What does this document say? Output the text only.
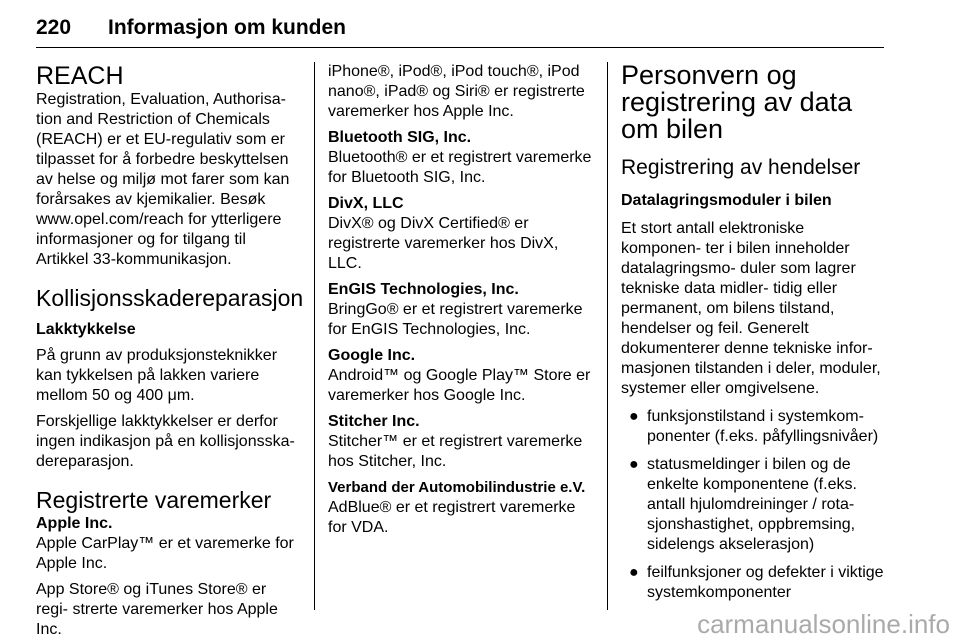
220 Informasjon om kunden
REACH

Registration, Evaluation, Authorisa- tion and Restriction of Chemicals (REACH) er et EU-regulativ som er tilpasset for å forbedre beskyttelsen av helse og miljø mot farer som kan forårsakes av kjemikalier. Besøk www.opel.com/reach for ytterligere informasjoner og for tilgang til Artikkel 33-kommunikasjon.

Kollisjonsskadereparasjon
Lakktykkelse

På grunn av produksjonsteknikker kan tykkelsen på lakken variere mellom 50 og 400 μm.

Forskjellige lakktykkelser er derfor ingen indikasjon på en kollisjonsska- dereparasjon.

Registrerte varemerker
Apple Inc.

Apple CarPlay™ er et varemerke for Apple Inc.

App Store® og iTunes Store® er regi- strerte varemerker hos Apple Inc.

iPhone®, iPod®, iPod touch®, iPod nano®, iPad® og Siri® er registrerte varemerker hos Apple Inc.

Bluetooth SIG, Inc.

Bluetooth® er et registrert varemerke for Bluetooth SIG, Inc.

DivX, LLC

DivX® og DivX Certified® er registrerte varemerker hos DivX, LLC.

EnGIS Technologies, Inc.

BringGo® er et registrert varemerke for EnGIS Technologies, Inc.

Google Inc.

Android™ og Google Play™ Store er varemerker hos Google Inc.

Stitcher Inc.

Stitcher™ er et registrert varemerke hos Stitcher, Inc.

Verband der Automobilindustrie e.V.

AdBlue® er et registrert varemerke for VDA.

Personvern og registrering av data om bilen
Registrering av hendelser
Datalagringsmoduler i bilen

Et stort antall elektroniske komponen- ter i bilen inneholder datalagringsmo- duler som lagrer tekniske data midler- tidig eller permanent, om bilens tilstand, hendelser og feil. Generelt dokumenterer denne tekniske infor- masjonen tilstanden i deler, moduler, systemer eller omgivelsene.

● funksjonstilstand i systemkom- ponenter (f.eks. påfyllingsnivåer)
● statusmeldinger i bilen og de enkelte komponentene (f.eks. antall hjulomdreininger / rota- sjonshastighet, oppbremsing, sidelengs akselerasjon)
● feilfunksjoner og defekter i viktige systemkomponenter
carmanualsonline.info
